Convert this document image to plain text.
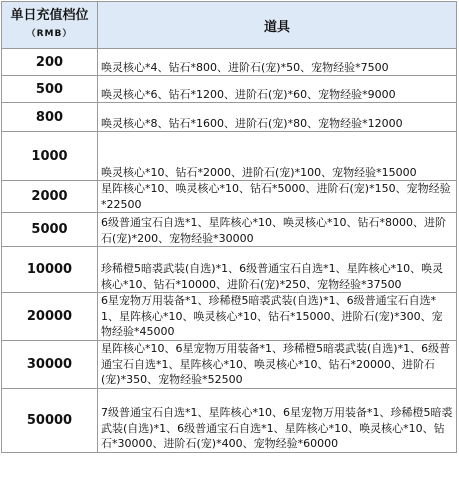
单日充值档位
（RMB）	道具
200	唤灵核心*4、钻石*800、进阶石(宠)*50、宠物经验*7500
500	唤灵核心*6、钻石*1200、进阶石(宠)*60、宠物经验*9000
800	唤灵核心*8、钻石*1600、进阶石(宠)*80、宠物经验*12000
1000	唤灵核心*10、钻石*2000、进阶石(宠)*100、宠物经验*15000
2000	星阵核心*10、唤灵核心*10、钻石*5000、进阶石(宠)*150、宠物经验*22500
5000	6级普通宝石自选*1、星阵核心*10、唤灵核心*10、钻石*8000、进阶石(宠)*200、宠物经验*30000
10000	珍稀橙5暗裘武装(自选)*1、6级普通宝石自选*1、星阵核心*10、唤灵核心*10、钻石*10000、进阶石(宠)*250、宠物经验*37500
20000	6星宠物万用装备*1、珍稀橙5暗裘武装(自选)*1、6级普通宝石自选*1、星阵核心*10、唤灵核心*10、钻石*15000、进阶石(宠)*300、宠物经验*45000
30000	星阵核心*10、6星宠物万用装备*1、珍稀橙5暗裘武装(自选)*1、6级普通宝石自选*1、星阵核心*10、唤灵核心*10、钻石*20000、进阶石(宠)*350、宠物经验*52500
50000	7级普通宝石自选*1、星阵核心*10、6星宠物万用装备*1、珍稀橙5暗裘武装(自选)*1、6级普通宝石自选*1、星阵核心*10、唤灵核心*10、钻石*30000、进阶石(宠)*400、宠物经验*60000
